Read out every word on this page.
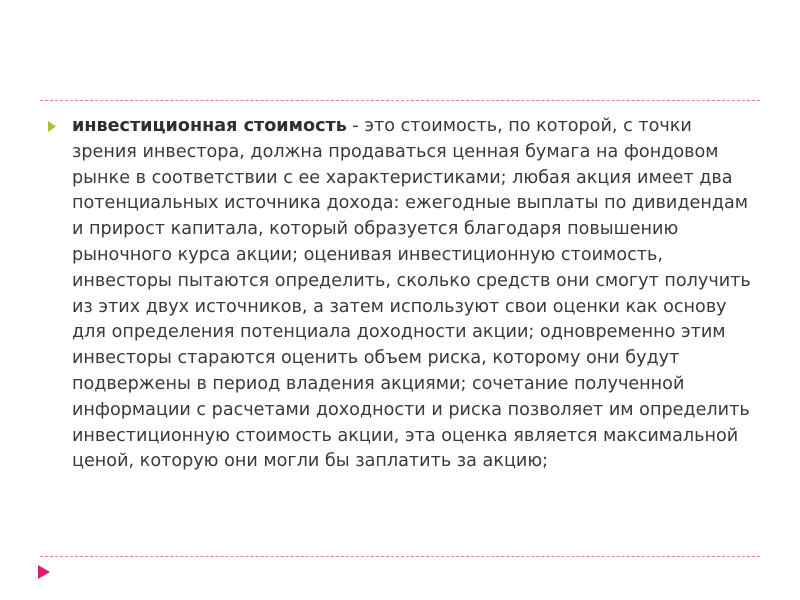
инвестиционная стоимость - это стоимость, по которой, с точки зрения инвестора, должна продаваться ценная бумага на фондовом рынке в соответствии с ее характеристиками; любая акция имеет два потенциальных источника дохода: ежегодные выплаты по дивидендам и прирост капитала, который образуется благодаря повышению рыночного курса акции; оценивая инвестиционную стоимость, инвесторы пытаются определить, сколько средств они смогут получить из этих двух источников, а затем используют свои оценки как основу для определения потенциала доходности акции; одновременно этим инвесторы стараются оценить объем риска, которому они будут подвержены в период владения акциями; сочетание полученной информации с расчетами доходности и риска позволяет им определить инвестиционную стоимость акции, эта оценка является максимальной ценой, которую они могли бы заплатить за акцию;
